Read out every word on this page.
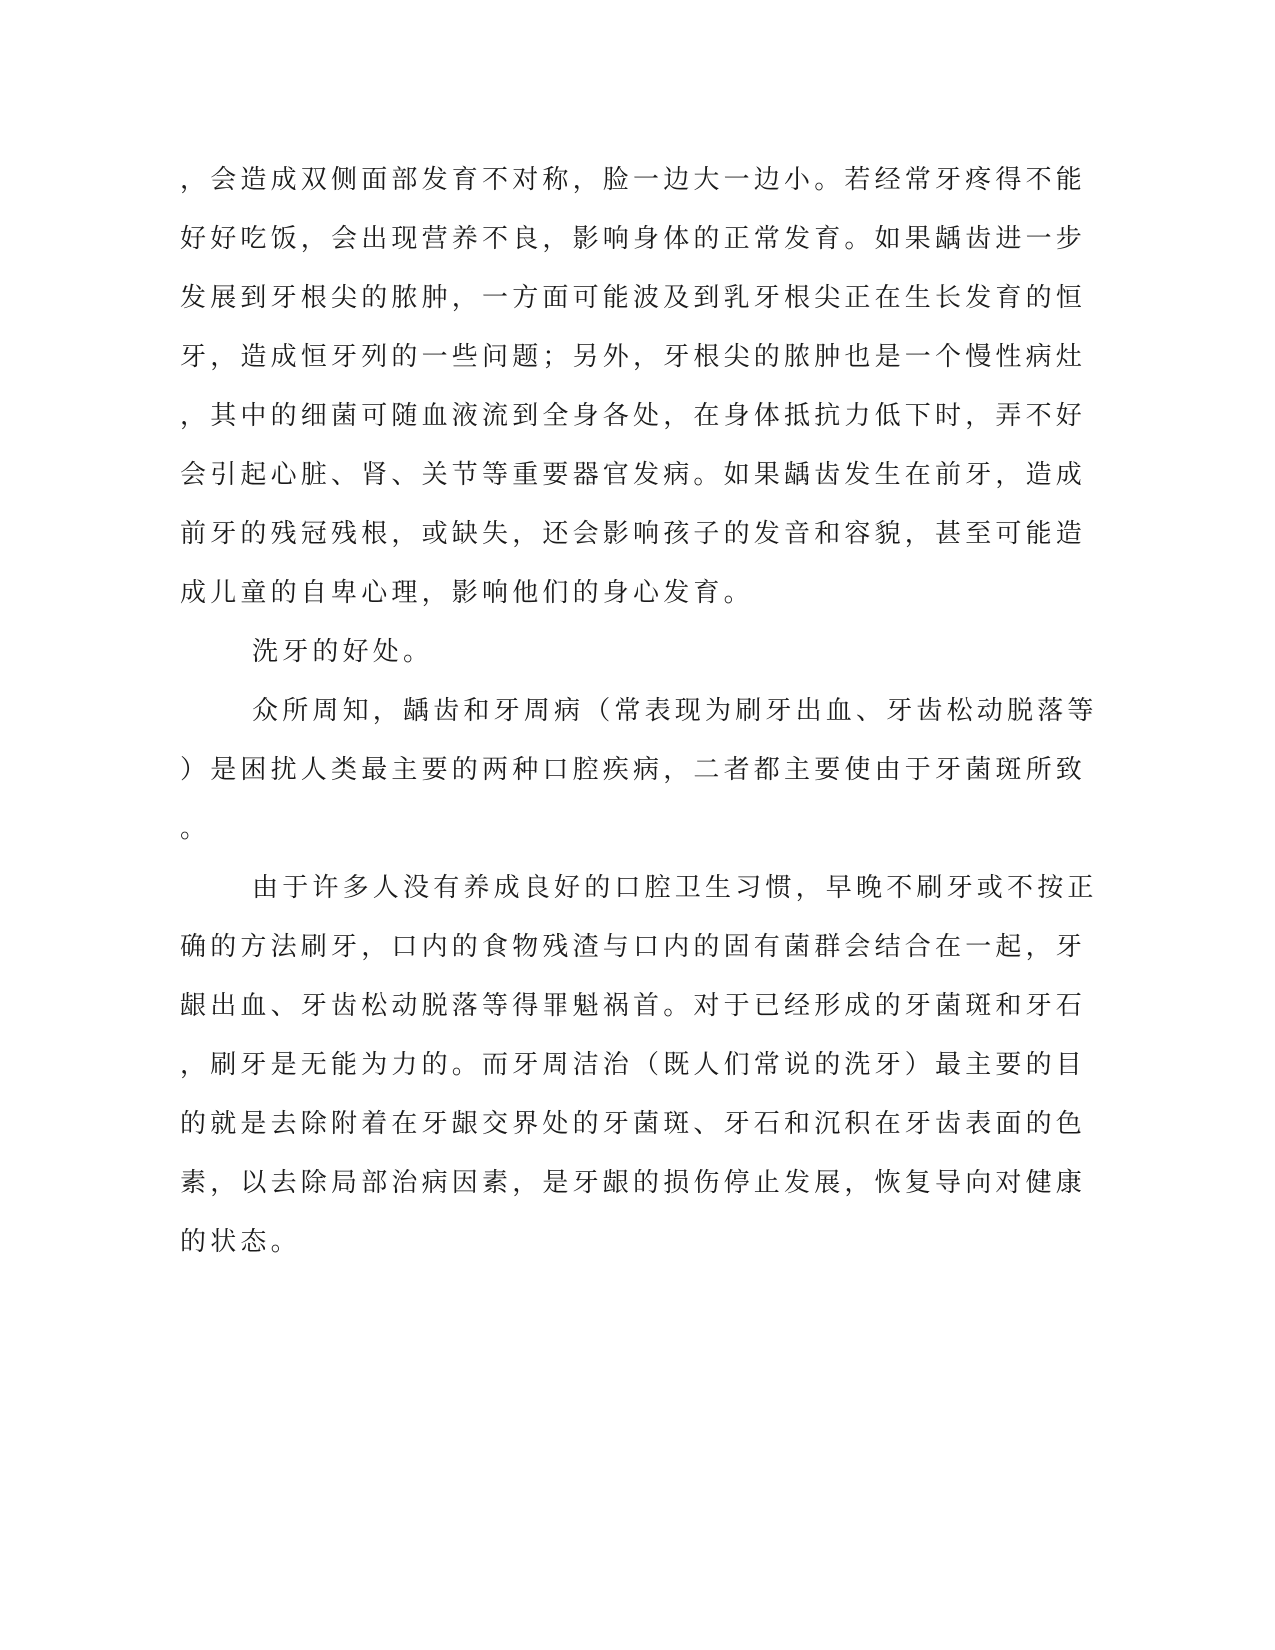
，会造成双侧面部发育不对称，脸一边大一边小。若经常牙疼得不能
好好吃饭，会出现营养不良，影响身体的正常发育。如果龋齿进一步
发展到牙根尖的脓肿，一方面可能波及到乳牙根尖正在生长发育的恒
牙，造成恒牙列的一些问题；另外，牙根尖的脓肿也是一个慢性病灶
，其中的细菌可随血液流到全身各处，在身体抵抗力低下时，弄不好
会引起心脏、肾、关节等重要器官发病。如果龋齿发生在前牙，造成
前牙的残冠残根，或缺失，还会影响孩子的发音和容貌，甚至可能造
成儿童的自卑心理，影响他们的身心发育。
洗牙的好处。
众所周知，龋齿和牙周病（常表现为刷牙出血、牙齿松动脱落等
）是困扰人类最主要的两种口腔疾病，二者都主要使由于牙菌斑所致
。
由于许多人没有养成良好的口腔卫生习惯，早晚不刷牙或不按正
确的方法刷牙，口内的食物残渣与口内的固有菌群会结合在一起，牙
龈出血、牙齿松动脱落等得罪魁祸首。对于已经形成的牙菌斑和牙石
，刷牙是无能为力的。而牙周洁治（既人们常说的洗牙）最主要的目
的就是去除附着在牙龈交界处的牙菌斑、牙石和沉积在牙齿表面的色
素，以去除局部治病因素，是牙龈的损伤停止发展，恢复导向对健康
的状态。
